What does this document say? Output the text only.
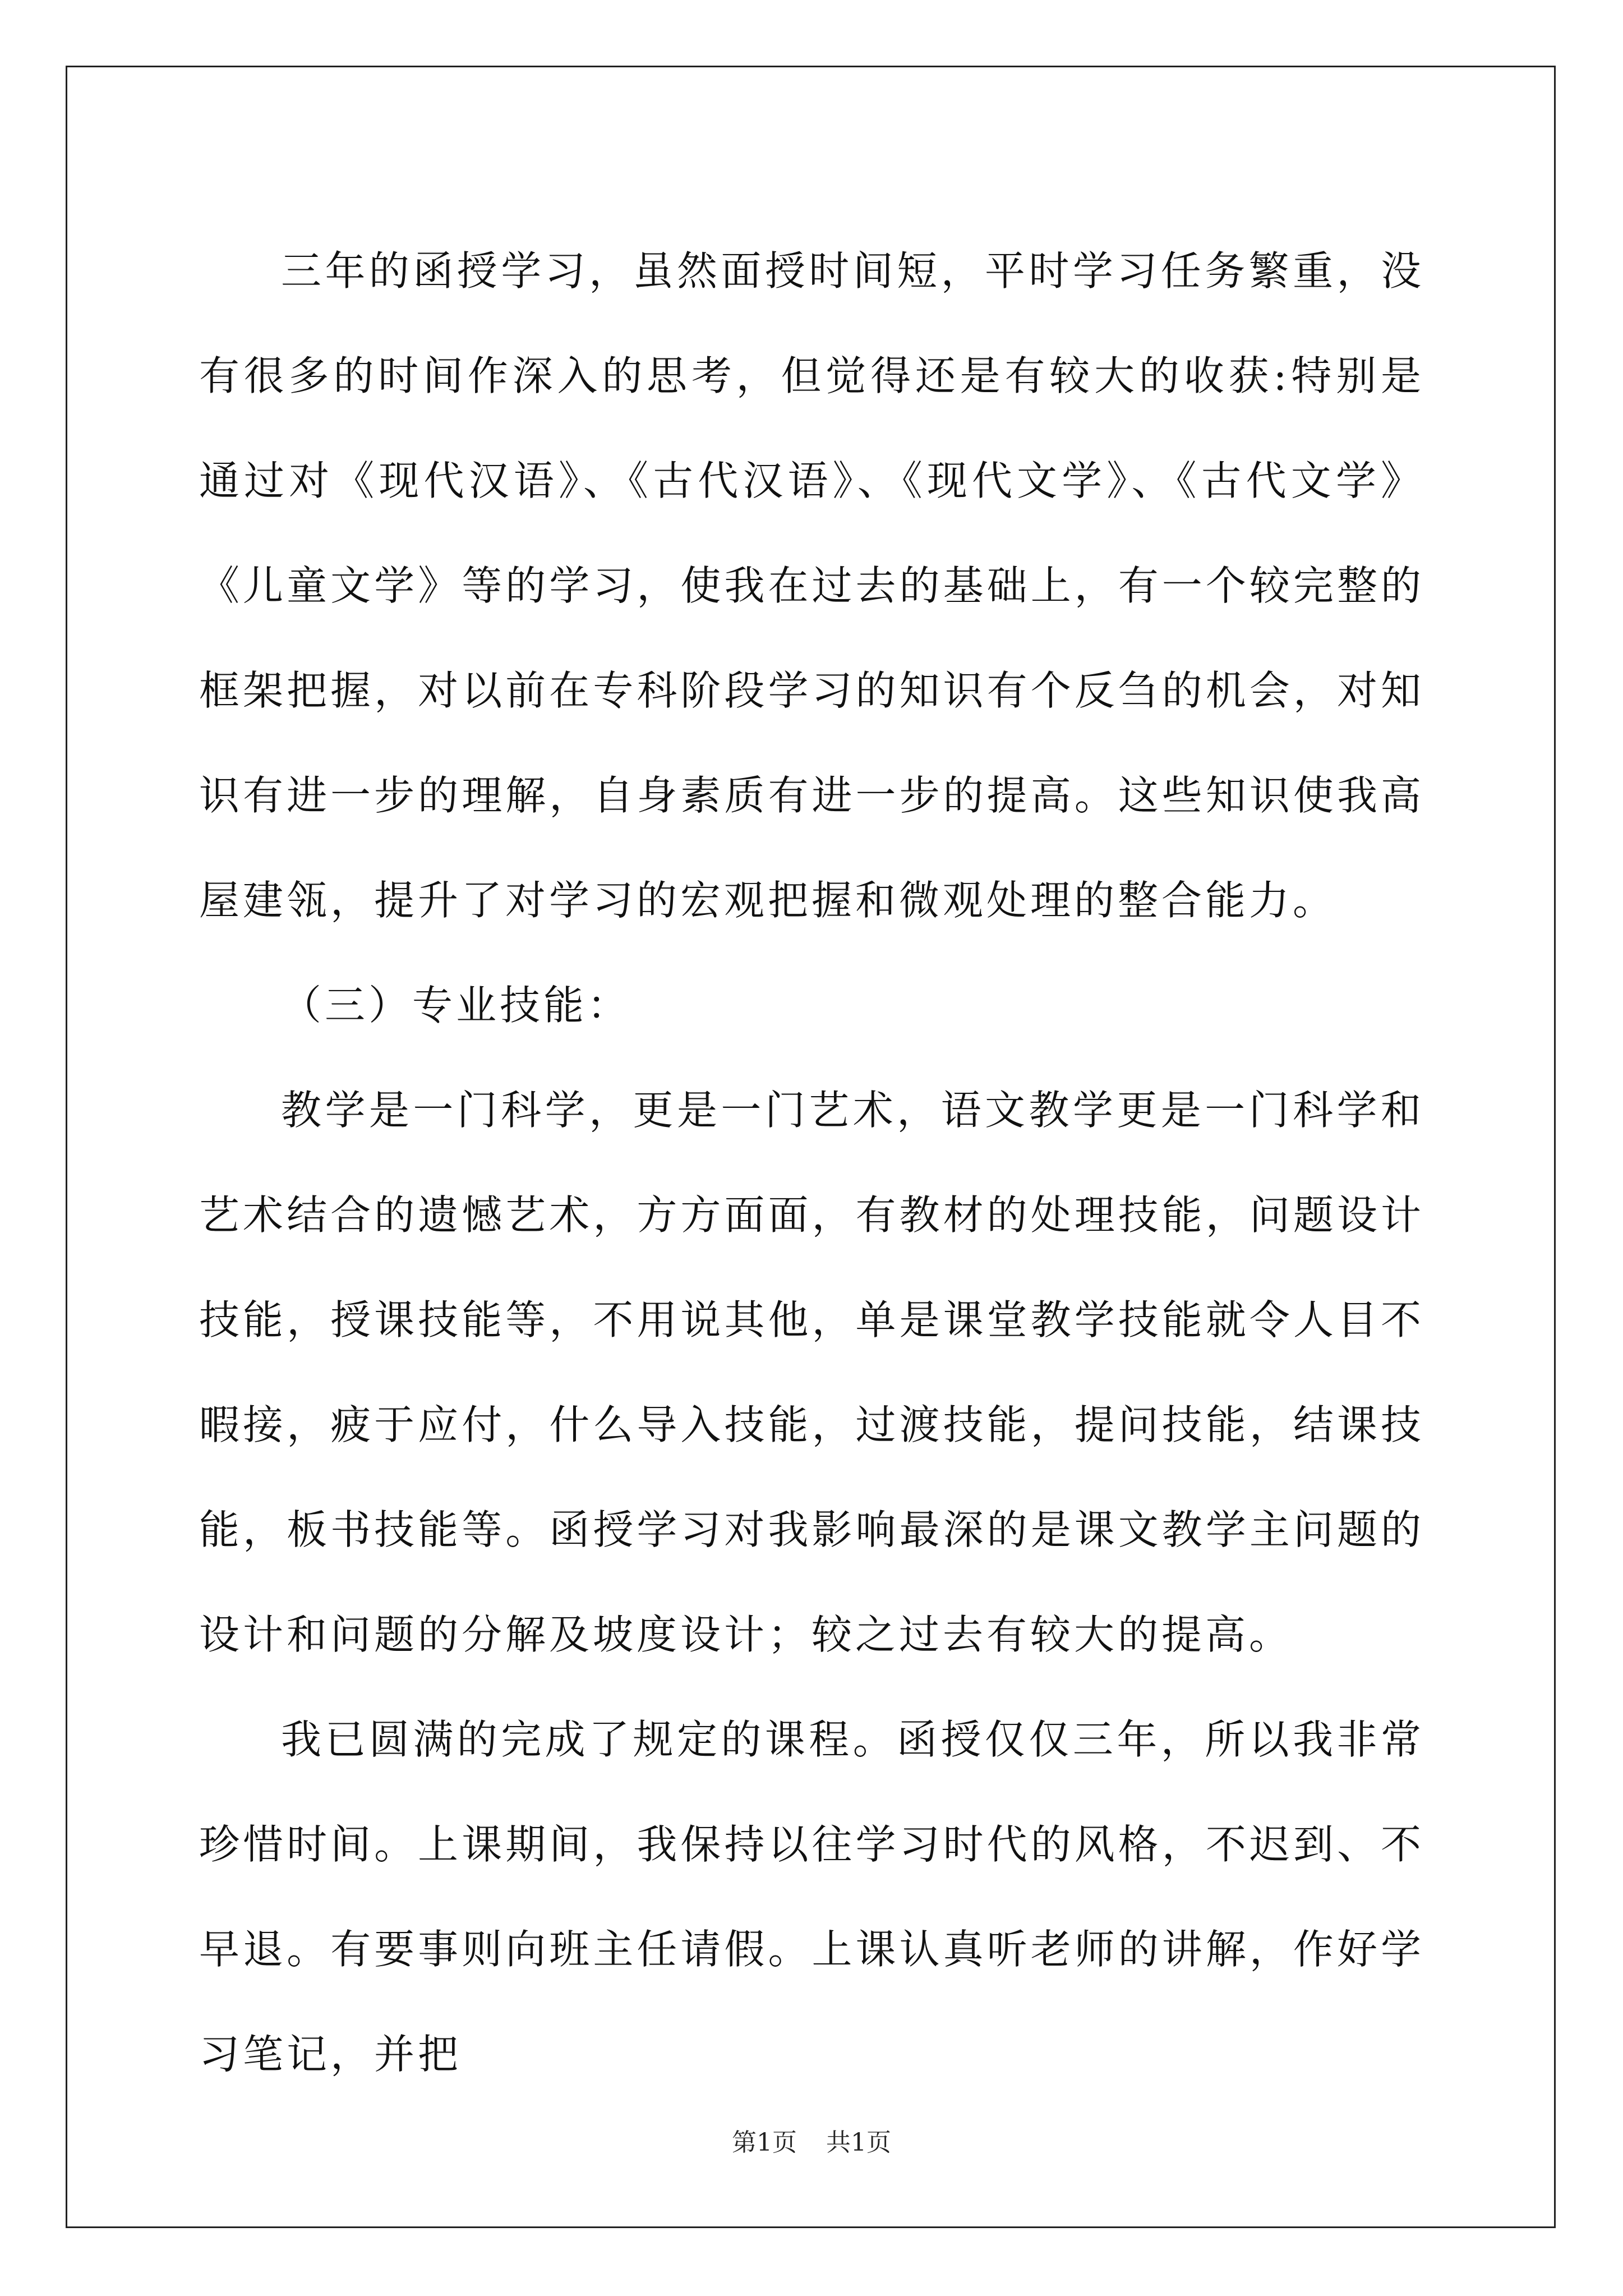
三年的函授学习，虽然面授时间短，平时学习任务繁重，没有很多的时间作深入的思考，但觉得还是有较大的收获:特别是通过对《现代汉语》、《古代汉语》、《现代文学》、《古代文学》《儿童文学》等的学习，使我在过去的基础上，有一个较完整的框架把握，对以前在专科阶段学习的知识有个反刍的机会，对知识有进一步的理解，自身素质有进一步的提高。这些知识使我高屋建瓴，提升了对学习的宏观把握和微观处理的整合能力。

（三）专业技能：

教学是一门科学，更是一门艺术，语文教学更是一门科学和艺术结合的遗憾艺术，方方面面，有教材的处理技能，问题设计技能，授课技能等，不用说其他，单是课堂教学技能就令人目不暇接，疲于应付，什么导入技能，过渡技能，提问技能，结课技能，板书技能等。函授学习对我影响最深的是课文教学主问题的设计和问题的分解及坡度设计；较之过去有较大的提高。

我已圆满的完成了规定的课程。函授仅仅三年，所以我非常珍惜时间。上课期间，我保持以往学习时代的风格，不迟到、不早退。有要事则向班主任请假。上课认真听老师的讲解，作好学习笔记，并把

第1页 共1页
